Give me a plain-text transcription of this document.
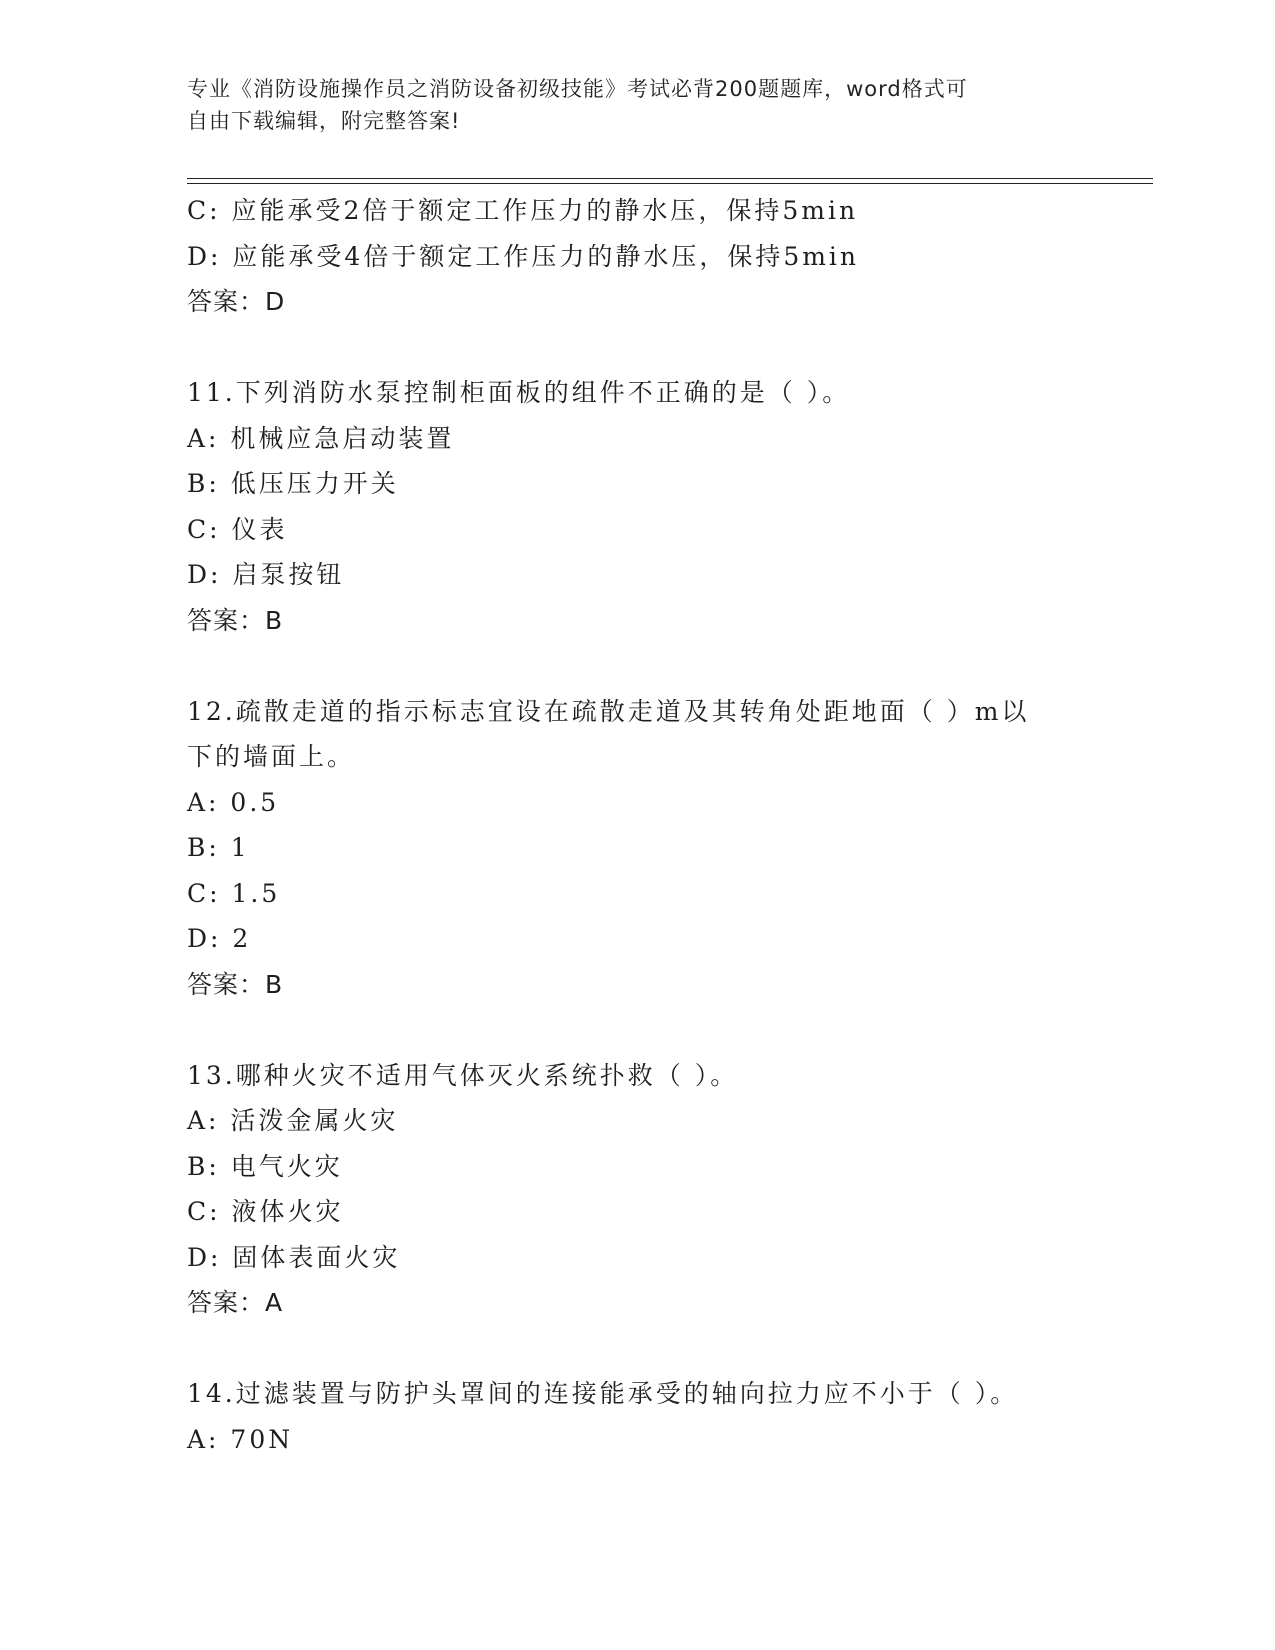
专业《消防设施操作员之消防设备初级技能》考试必背200题题库，word格式可
自由下载编辑，附完整答案!
C: 应能承受2倍于额定工作压力的静水压，保持5min
D: 应能承受4倍于额定工作压力的静水压，保持5min
答案：D
11.下列消防水泵控制柜面板的组件不正确的是（ ）。
A: 机械应急启动装置
B: 低压压力开关
C: 仪表
D: 启泵按钮
答案：B
12.疏散走道的指示标志宜设在疏散走道及其转角处距地面（ ）m以
下的墙面上。
A: 0.5
B: 1
C: 1.5
D: 2
答案：B
13.哪种火灾不适用气体灭火系统扑救（ ）。
A: 活泼金属火灾
B: 电气火灾
C: 液体火灾
D: 固体表面火灾
答案：A
14.过滤装置与防护头罩间的连接能承受的轴向拉力应不小于（ ）。
A: 70N
